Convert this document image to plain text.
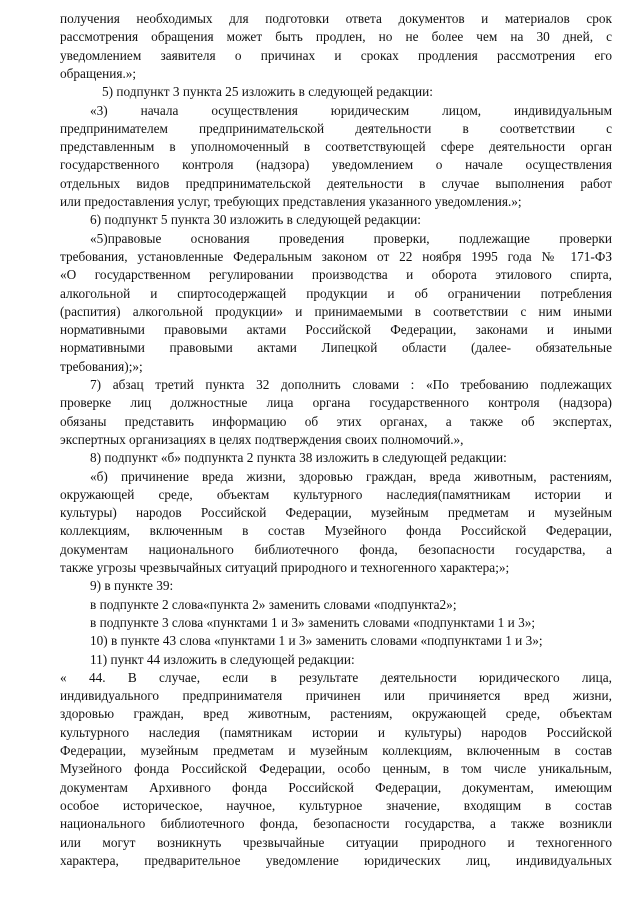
получения необходимых для подготовки ответа документов и материалов срок
рассмотрения обращения может быть продлен, но не более чем на 30 дней, с
уведомлением заявителя о причинах и сроках продления рассмотрения его
обращения.»;
5) подпункт 3 пункта 25 изложить в следующей редакции:
«3) начала осуществления юридическим лицом, индивидуальным
предпринимателем предпринимательской деятельности в соответствии с
представленным в уполномоченный в соответствующей сфере деятельности орган
государственного контроля (надзора) уведомлением о начале осуществления
отдельных видов предпринимательской деятельности в случае выполнения работ
или предоставления услуг, требующих представления указанного уведомления.»;
6) подпункт 5 пункта 30 изложить в следующей редакции:
«5)правовые основания проведения проверки, подлежащие проверки
требования, установленные Федеральным законом от 22 ноября 1995 года № 171-ФЗ
«О государственном регулировании производства и оборота этилового спирта,
алкогольной и спиртосодержащей продукции и об ограничении потребления
(распития) алкогольной продукции» и принимаемыми в соответствии с ним иными
нормативными правовыми актами Российской Федерации, законами и иными
нормативными правовыми актами Липецкой области (далее- обязательные
требования);»;
7) абзац третий пункта 32 дополнить словами : «По требованию подлежащих
проверке лиц должностные лица органа государственного контроля (надзора)
обязаны представить информацию об этих органах, а также об экспертах,
экспертных организациях в целях подтверждения своих полномочий.»,
8) подпункт «б» подпункта 2 пункта 38 изложить в следующей редакции:
«б) причинение вреда жизни, здоровью граждан, вреда животным, растениям,
окружающей среде, объектам культурного наследия(памятникам истории и
культуры) народов Российской Федерации, музейным предметам и музейным
коллекциям, включенным в состав Музейного фонда Российской Федерации,
документам национального библиотечного фонда, безопасности государства, а
также угрозы чрезвычайных ситуаций природного и техногенного характера;»;
9) в пункте 39:
в подпункте 2 слова«пункта 2» заменить словами «подпункта2»;
в подпункте 3 слова «пунктами 1 и 3» заменить словами «подпунктами 1 и 3»;
10) в пункте 43 слова «пунктами 1 и 3» заменить словами «подпунктами 1 и 3»;
11) пункт 44 изложить в следующей редакции:
« 44. В случае, если в результате деятельности юридического лица,
индивидуального предпринимателя причинен или причиняется вред жизни,
здоровью граждан, вред животным, растениям, окружающей среде, объектам
культурного наследия (памятникам истории и культуры) народов Российской
Федерации, музейным предметам и музейным коллекциям, включенным в состав
Музейного фонда Российской Федерации, особо ценным, в том числе уникальным,
документам Архивного фонда Российской Федерации, документам, имеющим
особое историческое, научное, культурное значение, входящим в состав
национального библиотечного фонда, безопасности государства, а также возникли
или могут возникнуть чрезвычайные ситуации природного и техногенного
характера, предварительное уведомление юридических лиц, индивидуальных
